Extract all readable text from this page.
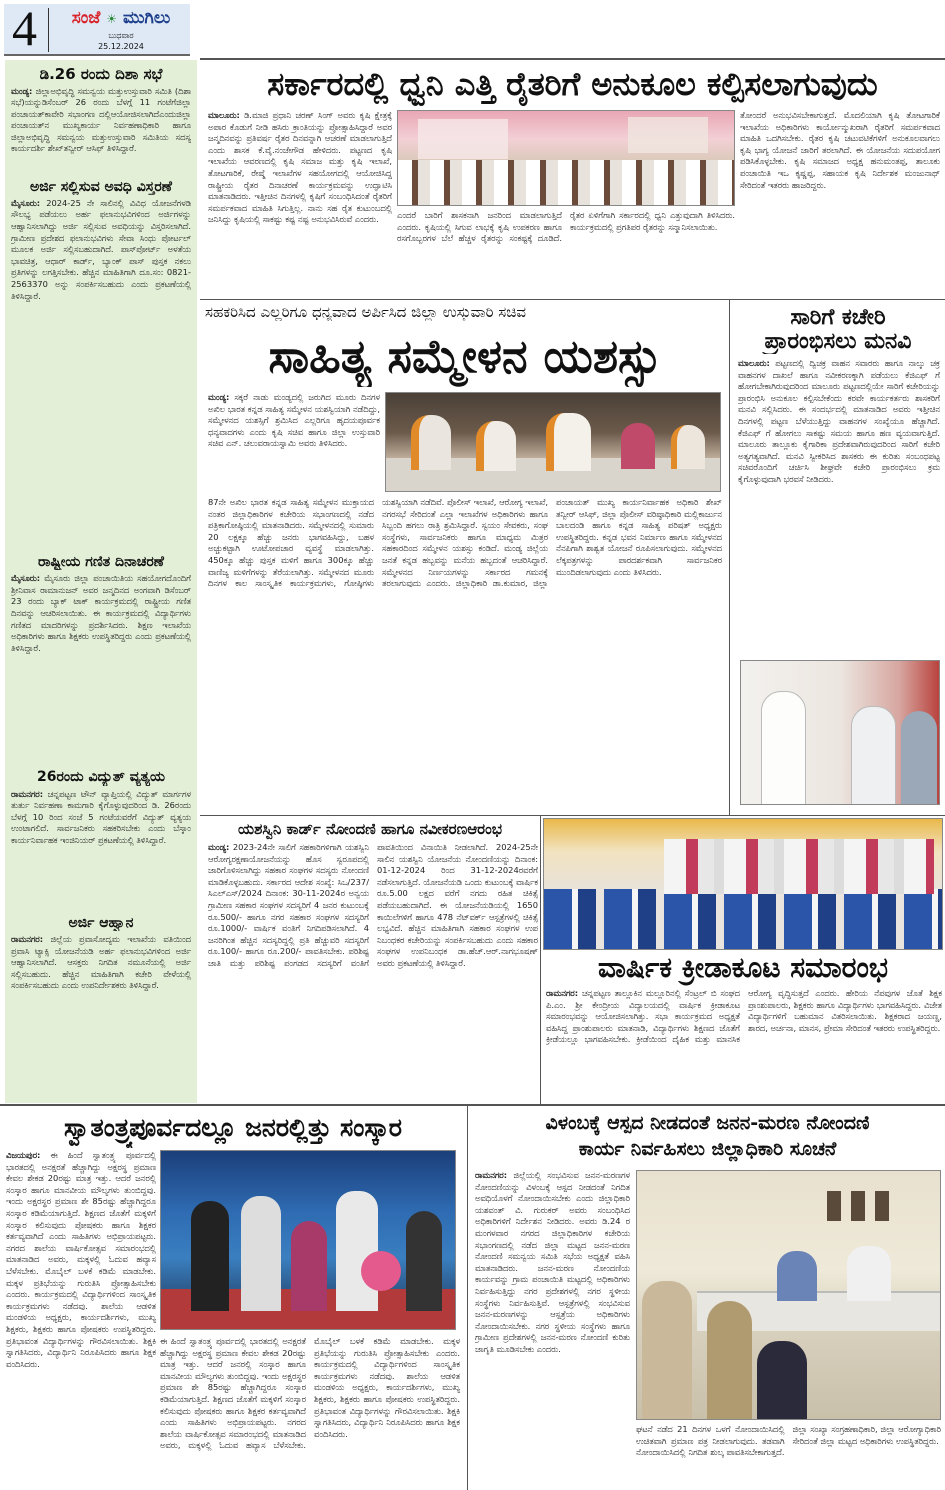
4	ಸಂಜೆ ☀ ಮುಗಿಲು
ಬುಧವಾರ
25.12.2024
ಡಿ.26 ರಂದು ದಿಶಾ ಸಭೆ
ಮಂಡ್ಯ: ಜಿಲ್ಲಾಅಭಿವೃದ್ಧಿ ಸಮನ್ವಯ ಮತ್ತುಉಸ್ತುವಾರಿ ಸಮಿತಿ (ದಿಶಾ ಸಭೆ)ಯನ್ನುಡಿಸೆಂಬರ್ 26 ರಂದು ಬೆಳಗ್ಗೆ 11 ಗಂಟೆಗೆಜಿಲ್ಲಾ ಪಂಚಾಯತ್‌ಕಾವೇರಿ ಸಭಾಂಗಣ ದಲ್ಲಿಆಯೋಜಿಸಲಾಗಿದೆಎಂದುಜಿಲ್ಲಾ ಪಂಚಾಯತ್‌ನ ಮುಖ್ಯಕಾರ್ಯ ನಿರ್ವಹಣಾಧಿಕಾರಿ ಹಾಗೂ ಜಿಲ್ಲಾಅಭಿವೃದ್ಧಿ ಸಮನ್ವಯ ಮತ್ತುಉಸ್ತುವಾರಿ ಸಮಿತಿಯ ಸದಸ್ಯ ಕಾರ್ಯದರ್ಶಿ ಶೇಖ್‌ತನ್ವೀರ್ ಆಸಿಫ್ ತಿಳಿಸಿದ್ದಾರೆ.
ಅರ್ಜಿ ಸಲ್ಲಿಸುವ ಅವಧಿ ವಿಸ್ತರಣೆ
ಮೈಸೂರು: 2024-25 ನೇ ಸಾಲಿನಲ್ಲಿ ವಿವಿಧ ಯೋಜನೆಗಳಡಿ ಸೌಲಭ್ಯ ಪಡೆಯಲು ಅರ್ಹ ಫಲಾನುಭವಿಗಳಿಂದ ಅರ್ಜಿಗಳನ್ನು ಆಹ್ವಾನಿಸಲಾಗಿದ್ದು ಅರ್ಜಿ ಸಲ್ಲಿಸುವ ಅವಧಿಯನ್ನು ವಿಸ್ತರಿಸಲಾಗಿದೆ. ಗ್ರಾಮೀಣ ಪ್ರದೇಶದ ಫಲಾನುಭವಿಗಳು ಸೇವಾ ಸಿಂಧು ಪೋರ್ಟಲ್ ಮೂಲಕ ಅರ್ಜಿ ಸಲ್ಲಿಸಬಹುದಾಗಿದೆ. ಪಾಸ್‌ಪೋರ್ಟ್ ಅಳತೆಯ ಭಾವಚಿತ್ರ, ಆಧಾರ್ ಕಾರ್ಡ್, ಬ್ಯಾಂಕ್ ಪಾಸ್ ಪುಸ್ತಕ ನಕಲು ಪ್ರತಿಗಳನ್ನು ಲಗತ್ತಿಸಬೇಕು. ಹೆಚ್ಚಿನ ಮಾಹಿತಿಗಾಗಿ ದೂ.ಸಂ: 0821-2563370 ಅನ್ನು ಸಂಪರ್ಕಿಸಬಹುದು ಎಂದು ಪ್ರಕಟಣೆಯಲ್ಲಿ ತಿಳಿಸಿದ್ದಾರೆ.
ರಾಷ್ಟ್ರೀಯ ಗಣಿತ ದಿನಾಚರಣೆ
ಮೈಸೂರು: ಮೈಸೂರು ಜಿಲ್ಲಾ ಪಂಚಾಯಿತಿಯ ಸಹಯೋಗದೊಂದಿಗೆ ಶ್ರೀನಿವಾಸ ರಾಮಾನುಜನ್ ಅವರ ಜನ್ಮದಿನದ ಅಂಗವಾಗಿ ಡಿಸೆಂಬರ್ 23 ರಂದು ಬ್ಯಾಕ್ ಟಾಕ್ ಕಾರ್ಯಕ್ರಮದಲ್ಲಿ ರಾಷ್ಟ್ರೀಯ ಗಣಿತ ದಿನವನ್ನು ಆಚರಿಸಲಾಯಿತು. ಈ ಕಾರ್ಯಕ್ರಮದಲ್ಲಿ ವಿದ್ಯಾರ್ಥಿಗಳು ಗಣಿತದ ಮಾದರಿಗಳನ್ನು ಪ್ರದರ್ಶಿಸಿದರು. ಶಿಕ್ಷಣ ಇಲಾಖೆಯ ಅಧಿಕಾರಿಗಳು ಹಾಗೂ ಶಿಕ್ಷಕರು ಉಪಸ್ಥಿತರಿದ್ದರು ಎಂದು ಪ್ರಕಟಣೆಯಲ್ಲಿ ತಿಳಿಸಿದ್ದಾರೆ.
26ರಂದು ವಿದ್ಯುತ್ ವ್ಯತ್ಯಯ
ರಾಮನಗರ: ಚನ್ನಪಟ್ಟಣ ಟೌನ್ ವ್ಯಾಪ್ತಿಯಲ್ಲಿ ವಿದ್ಯುತ್ ಮಾರ್ಗಗಳ ತುರ್ತು ನಿರ್ವಹಣಾ ಕಾಮಗಾರಿ ಕೈಗೊಳ್ಳುವುದರಿಂದ ಡಿ. 26ರಂದು ಬೆಳಗ್ಗೆ 10 ರಿಂದ ಸಂಜೆ 5 ಗಂಟೆಯವರೆಗೆ ವಿದ್ಯುತ್ ವ್ಯತ್ಯಯ ಉಂಟಾಗಲಿದೆ. ಸಾರ್ವಜನಿಕರು ಸಹಕರಿಸಬೇಕು ಎಂದು ಬೆಸ್ಕಾಂ ಕಾರ್ಯನಿರ್ವಾಹಕ ಇಂಜಿನಿಯರ್ ಪ್ರಕಟಣೆಯಲ್ಲಿ ತಿಳಿಸಿದ್ದಾರೆ.
ಅರ್ಜಿ ಆಹ್ವಾನ
ರಾಮನಗರ: ಜಿಲ್ಲೆಯ ಪ್ರವಾಸೋದ್ಯಮ ಇಲಾಖೆಯ ವತಿಯಿಂದ ಪ್ರವಾಸಿ ಟ್ಯಾಕ್ಸಿ ಯೋಜನೆಯಡಿ ಅರ್ಹ ಫಲಾನುಭವಿಗಳಿಂದ ಅರ್ಜಿ ಆಹ್ವಾನಿಸಲಾಗಿದೆ. ಆಸಕ್ತರು ನಿಗದಿತ ನಮೂನೆಯಲ್ಲಿ ಅರ್ಜಿ ಸಲ್ಲಿಸಬಹುದು. ಹೆಚ್ಚಿನ ಮಾಹಿತಿಗಾಗಿ ಕಚೇರಿ ವೇಳೆಯಲ್ಲಿ ಸಂಪರ್ಕಿಸಬಹುದು ಎಂದು ಉಪನಿರ್ದೇಶಕರು ತಿಳಿಸಿದ್ದಾರೆ.
ಸರ್ಕಾರದಲ್ಲಿ ಧ್ವನಿ ಎತ್ತಿ ರೈತರಿಗೆ ಅನುಕೂಲ ಕಲ್ಪಿಸಲಾಗುವುದು
ಮಾಲೂರು: ಡಿ.ಮಾಜಿ ಪ್ರಧಾನಿ ಚರಣ್ ಸಿಂಗ್ ಅವರು ಕೃಷಿ ಕ್ಷೇತ್ರಕ್ಕೆ ಅಪಾರ ಕೊಡುಗೆ ನೀಡಿ ಹಸಿರು ಕ್ರಾಂತಿಯನ್ನು ಪ್ರೋತ್ಸಾಹಿಸಿದ್ದಾರೆ ಅವರ ಜನ್ಮದಿನವನ್ನು ಪ್ರತಿವರ್ಷ ರೈತರ ದಿನವನ್ನಾಗಿ ಆಚರಣೆ ಮಾಡಲಾಗುತ್ತಿದೆ ಎಂದು ಶಾಸಕ ಕೆ.ವೈ.ನಂಜೇಗೌಡ ಹೇಳಿದರು. ಪಟ್ಟಣದ ಕೃಷಿ ಇಲಾಖೆಯ ಆವರಣದಲ್ಲಿ ಕೃಷಿ ಸಮಾಜ ಮತ್ತು ಕೃಷಿ ಇಲಾಖೆ, ತೋಟಗಾರಿಕೆ, ರೇಷ್ಮೆ ಇಲಾಖೆಗಳ ಸಹಯೋಗದಲ್ಲಿ ಆಯೋಜಿಸಿದ್ದ ರಾಷ್ಟ್ರೀಯ ರೈತರ ದಿನಾಚರಣೆ ಕಾರ್ಯಕ್ರಮವನ್ನು ಉದ್ಘಾಟಿಸಿ ಮಾತನಾಡಿದರು. ಇತ್ತೀಚಿನ ದಿನಗಳಲ್ಲಿ ಕೃಷಿಗೆ ಸಂಬಂಧಿಸಿದಂತೆ ರೈತರಿಗೆ ಸಮರ್ಪಕವಾದ ಮಾಹಿತಿ ಸಿಗುತ್ತಿಲ್ಲ. ನಾನು ಸಹ ರೈತ ಕುಟುಂಬದಲ್ಲಿ ಜನಿಸಿದ್ದು ಕೃಷಿಯಲ್ಲಿ ಸಾಕಷ್ಟು ಕಷ್ಟ ನಷ್ಟ ಅನುಭವಿಸಿರುವೆ ಎಂದರು.	ಎಂದರೆ ಬಾರಿಗೆ ಶಾಸಕನಾಗಿ ಜನರಿಂದ ಮಾಡಲಾಗುತ್ತಿದೆ ಎಂದರು. ಕೃಷಿಯಲ್ಲಿ ಸಿಗುವ ಲಾಭಕ್ಕೆ ಕೃಷಿ ಉಪಕರಣ ಹಾಗೂ ರಸಗೊಬ್ಬರಗಳ ಬೆಲೆ ಹೆಚ್ಚಳ ರೈತರನ್ನು ಸಂಕಷ್ಟಕ್ಕೆ ದೂಡಿದೆ. ರೈತರ ಏಳಿಗೆಗಾಗಿ ಸರ್ಕಾರದಲ್ಲಿ ಧ್ವನಿ ಎತ್ತುವುದಾಗಿ ತಿಳಿಸಿದರು. ಕಾರ್ಯಕ್ರಮದಲ್ಲಿ ಪ್ರಗತಿಪರ ರೈತರನ್ನು ಸನ್ಮಾನಿಸಲಾಯಿತು.
ತೋಂದರೆ ಅನುಭವಿಸಬೇಕಾಗುತ್ತದೆ. ಮೊದಲಿಯಾಗಿ ಕೃಷಿ ತೋಟಗಾರಿಕೆ ಇಲಾಖೆಯ ಅಧಿಕಾರಿಗಳು ಕಾರ್ಯೋನ್ಮುಖರಾಗಿ ರೈತರಿಗೆ ಸಮರ್ಪಕವಾದ ಮಾಹಿತಿ ಒದಗಿಸಬೇಕು. ರೈತರ ಕೃಷಿ ಚಟುವಟಿಕೆಗಳಿಗೆ ಅನುಕೂಲವಾಗಲು ಕೃಷಿ ಭಾಗ್ಯ ಯೋಜನೆ ಜಾರಿಗೆ ತರಲಾಗಿದೆ. ಈ ಯೋಜನೆಯ ಸದುಪಯೋಗ ಪಡಿಸಿಕೊಳ್ಳಬೇಕು. ಕೃಷಿ ಸಮಾಜದ ಅಧ್ಯಕ್ಷ ಹನುಮಂತಪ್ಪ, ತಾಲೂಕು ಪಂಚಾಯಿತಿ ಇಒ ಕೃಷ್ಣಪ್ಪ, ಸಹಾಯಕ ಕೃಷಿ ನಿರ್ದೇಶಕ ಮಂಜುನಾಥ್ ಸೇರಿದಂತೆ ಇತರರು ಹಾಜರಿದ್ದರು.
ಸಹಕರಿಸಿದ ಎಲ್ಲರಿಗೂ ಧನ್ಯವಾದ ಅರ್ಪಿಸಿದ ಜಿಲ್ಲಾ ಉಸ್ತುವಾರಿ ಸಚಿವ
ಸಾಹಿತ್ಯ ಸಮ್ಮೇಳನ ಯಶಸ್ಸು
ಮಂಡ್ಯ: ಸಕ್ಕರೆ ನಾಡು ಮಂಡ್ಯದಲ್ಲಿ ಜರುಗಿದ ಮೂರು ದಿನಗಳ ಅಖಿಲ ಭಾರತ ಕನ್ನಡ ಸಾಹಿತ್ಯ ಸಮ್ಮೇಳನ ಯಶಸ್ವಿಯಾಗಿ ನಡೆದಿದ್ದು, ಸಮ್ಮೇಳನದ ಯಶಸ್ಸಿಗೆ ಶ್ರಮಿಸಿದ ಎಲ್ಲರಿಗೂ ಹೃದಯಪೂರ್ವಕ ಧನ್ಯವಾದಗಳು ಎಂದು ಕೃಷಿ ಸಚಿವ ಹಾಗೂ ಜಿಲ್ಲಾ ಉಸ್ತುವಾರಿ ಸಚಿವ ಎನ್. ಚಲುವರಾಯಸ್ವಾಮಿ ಅವರು ತಿಳಿಸಿದರು.
87ನೇ ಅಖಿಲ ಭಾರತ ಕನ್ನಡ ಸಾಹಿತ್ಯ ಸಮ್ಮೇಳನ ಮುಕ್ತಾಯದ ನಂತರ ಜಿಲ್ಲಾಧಿಕಾರಿಗಳ ಕಚೇರಿಯ ಸಭಾಂಗಣದಲ್ಲಿ ನಡೆದ ಪತ್ರಿಕಾಗೋಷ್ಠಿಯಲ್ಲಿ ಮಾತನಾಡಿದರು. ಸಮ್ಮೇಳನದಲ್ಲಿ ಸುಮಾರು 20 ಲಕ್ಷಕ್ಕೂ ಹೆಚ್ಚು ಜನರು ಭಾಗವಹಿಸಿದ್ದು, ಬಹಳ ಅಚ್ಚುಕಟ್ಟಾಗಿ ಊಟೋಪಚಾರ ವ್ಯವಸ್ಥೆ ಮಾಡಲಾಗಿತ್ತು. 450ಕ್ಕೂ ಹೆಚ್ಚು ಪುಸ್ತಕ ಮಳಿಗೆ ಹಾಗೂ 300ಕ್ಕೂ ಹೆಚ್ಚು ವಾಣಿಜ್ಯ ಮಳಿಗೆಗಳನ್ನು ತೆರೆಯಲಾಗಿತ್ತು. ಸಮ್ಮೇಳನದ ಮೂರು ದಿನಗಳ ಕಾಲ ಸಾಂಸ್ಕೃತಿಕ ಕಾರ್ಯಕ್ರಮಗಳು, ಗೋಷ್ಠಿಗಳು ಯಶಸ್ವಿಯಾಗಿ ನಡೆದಿವೆ. ಪೊಲೀಸ್ ಇಲಾಖೆ, ಆರೋಗ್ಯ ಇಲಾಖೆ, ನಗರಸಭೆ ಸೇರಿದಂತೆ ಎಲ್ಲಾ ಇಲಾಖೆಗಳ ಅಧಿಕಾರಿಗಳು ಹಾಗೂ ಸಿಬ್ಬಂದಿ ಹಗಲು ರಾತ್ರಿ ಶ್ರಮಿಸಿದ್ದಾರೆ. ಸ್ವಯಂ ಸೇವಕರು, ಸಂಘ ಸಂಸ್ಥೆಗಳು, ಸಾರ್ವಜನಿಕರು ಹಾಗೂ ಮಾಧ್ಯಮ ಮಿತ್ರರ ಸಹಕಾರದಿಂದ ಸಮ್ಮೇಳನ ಯಶಸ್ಸು ಕಂಡಿದೆ. ಮಂಡ್ಯ ಜಿಲ್ಲೆಯ ಜನತೆ ಕನ್ನಡ ಹಬ್ಬವನ್ನು ಮನೆಯ ಹಬ್ಬದಂತೆ ಆಚರಿಸಿದ್ದಾರೆ. ಸಮ್ಮೇಳನದ ನಿರ್ಣಯಗಳನ್ನು ಸರ್ಕಾರದ ಗಮನಕ್ಕೆ ತರಲಾಗುವುದು ಎಂದರು. ಜಿಲ್ಲಾಧಿಕಾರಿ ಡಾ.ಕುಮಾರ, ಜಿಲ್ಲಾ ಪಂಚಾಯತ್ ಮುಖ್ಯ ಕಾರ್ಯನಿರ್ವಾಹಕ ಅಧಿಕಾರಿ ಶೇಖ್ ತನ್ವೀರ್ ಆಸಿಫ್, ಜಿಲ್ಲಾ ಪೊಲೀಸ್ ವರಿಷ್ಠಾಧಿಕಾರಿ ಮಲ್ಲಿಕಾರ್ಜುನ ಬಾಲದಂಡಿ ಹಾಗೂ ಕನ್ನಡ ಸಾಹಿತ್ಯ ಪರಿಷತ್ ಅಧ್ಯಕ್ಷರು ಉಪಸ್ಥಿತರಿದ್ದರು. ಕನ್ನಡ ಭವನ ನಿರ್ಮಾಣ ಹಾಗೂ ಸಮ್ಮೇಳನದ ನೆನಪಿಗಾಗಿ ಶಾಶ್ವತ ಯೋಜನೆ ರೂಪಿಸಲಾಗುವುದು. ಸಮ್ಮೇಳನದ ಲೆಕ್ಕಪತ್ರಗಳನ್ನು ಪಾರದರ್ಶಕವಾಗಿ ಸಾರ್ವಜನಿಕರ ಮುಂದಿಡಲಾಗುವುದು ಎಂದು ತಿಳಿಸಿದರು.
ಸಾರಿಗೆ ಕಚೇರಿ
ಪ್ರಾರಂಭಿಸಲು ಮನವಿ
ಮಾಲೂರು: ಪಟ್ಟಣದಲ್ಲಿ ದ್ವಿಚಕ್ರ ವಾಹನ ಸವಾರರು ಹಾಗೂ ನಾಲ್ಕು ಚಕ್ರ ವಾಹನಗಳ ದಾಖಲೆ ಹಾಗೂ ನವೀಕರಣಕ್ಕಾಗಿ ಪಡೆಯಲು ಕೆಜಿಎಫ್ ಗೆ ಹೋಗಬೇಕಾಗಿರುವುದರಿಂದ ಮಾಲೂರು ಪಟ್ಟಣದಲ್ಲಿಯೇ ಸಾರಿಗೆ ಕಚೇರಿಯನ್ನು ಪ್ರಾರಂಭಿಸಿ ಅನುಕೂಲ ಕಲ್ಪಿಸಬೇಕೆಂದು ಕರವೇ ಕಾರ್ಯಕರ್ತರು ಶಾಸಕರಿಗೆ ಮನವಿ ಸಲ್ಲಿಸಿದರು. ಈ ಸಂದರ್ಭದಲ್ಲಿ ಮಾತನಾಡಿದ ಅವರು ಇತ್ತೀಚಿನ ದಿನಗಳಲ್ಲಿ ಪಟ್ಟಣ ಬೆಳೆಯುತ್ತಿದ್ದು ವಾಹನಗಳ ಸಂಖ್ಯೆಯೂ ಹೆಚ್ಚಾಗಿದೆ. ಕೆಜಿಎಫ್ ಗೆ ಹೋಗಲು ಸಾಕಷ್ಟು ಸಮಯ ಹಾಗೂ ಹಣ ವ್ಯಯವಾಗುತ್ತಿದೆ. ಮಾಲೂರು ತಾಲ್ಲೂಕು ಕೈಗಾರಿಕಾ ಪ್ರದೇಶವಾಗಿರುವುದರಿಂದ ಸಾರಿಗೆ ಕಚೇರಿ ಅತ್ಯಗತ್ಯವಾಗಿದೆ. ಮನವಿ ಸ್ವೀಕರಿಸಿದ ಶಾಸಕರು ಈ ಕುರಿತು ಸಂಬಂಧಪಟ್ಟ ಸಚಿವರೊಂದಿಗೆ ಚರ್ಚಿಸಿ ಶೀಘ್ರವೇ ಕಚೇರಿ ಪ್ರಾರಂಭಿಸಲು ಕ್ರಮ ಕೈಗೊಳ್ಳುವುದಾಗಿ ಭರವಸೆ ನೀಡಿದರು.
ಯಶಸ್ವಿನಿ ಕಾರ್ಡ್ ನೋಂದಣಿ ಹಾಗೂ ನವೀಕರಣಆರಂಭ
ಮಂಡ್ಯ: 2023-24ನೇ ಸಾಲಿಗೆ ಸಹಕಾರಿಗಳಿಗಾಗಿ ಯಶಸ್ವಿನಿ ಆರೋಗ್ಯರಕ್ಷಣಾಯೋಜನೆಯನ್ನು ಹೊಸ ಸ್ವರೂಪದಲ್ಲಿ ಜಾರಿಗೊಳಿಸಲಾಗಿದ್ದು ಸಹಕಾರ ಸಂಘಗಳ ಸದಸ್ಯರು ನೋಂದಣಿ ಮಾಡಿಕೊಳ್ಳಬಹುದು. ಸರ್ಕಾರದ ಆದೇಶ ಸಂಖ್ಯೆ: ಸಿಒ/237/ಸಿಎಲ್ಎಸ್/2024 ದಿನಾಂಕ: 30-11-2024ರ ಅನ್ವಯ ಗ್ರಾಮೀಣ ಸಹಕಾರ ಸಂಘಗಳ ಸದಸ್ಯರಿಗೆ 4 ಜನರ ಕುಟುಂಬಕ್ಕೆ ರೂ.500/- ಹಾಗೂ ನಗರ ಸಹಕಾರ ಸಂಘಗಳ ಸದಸ್ಯರಿಗೆ ರೂ.1000/- ವಾರ್ಷಿಕ ವಂತಿಗೆ ನಿಗದಿಪಡಿಸಲಾಗಿದೆ. 4 ಜನರಿಗಿಂತ ಹೆಚ್ಚಿನ ಸದಸ್ಯರಿದ್ದಲ್ಲಿ ಪ್ರತಿ ಹೆಚ್ಚುವರಿ ಸದಸ್ಯರಿಗೆ ರೂ.100/- ಹಾಗೂ ರೂ.200/- ಪಾವತಿಸಬೇಕು. ಪರಿಶಿಷ್ಟ ಜಾತಿ ಮತ್ತು ಪರಿಶಿಷ್ಟ ಪಂಗಡದ ಸದಸ್ಯರಿಗೆ ವಂತಿಗೆ ಪಾವತಿಯಿಂದ ವಿನಾಯಿತಿ ನೀಡಲಾಗಿದೆ. 2024-25ನೇ ಸಾಲಿನ ಯಶಸ್ವಿನಿ ಯೋಜನೆಯ ನೋಂದಣಿಯನ್ನು ದಿನಾಂಕ: 01-12-2024 ರಿಂದ 31-12-2024ರವರೆಗೆ ನಡೆಸಲಾಗುತ್ತಿದೆ. ಯೋಜನೆಯಡಿ ಒಂದು ಕುಟುಂಬಕ್ಕೆ ವಾರ್ಷಿಕ ರೂ.5.00 ಲಕ್ಷದ ವರೆಗೆ ನಗದು ರಹಿತ ಚಿಕಿತ್ಸೆ ಪಡೆಯಬಹುದಾಗಿದೆ. ಈ ಯೋಜನೆಯಡಿಯಲ್ಲಿ 1650 ಕಾಯಿಲೆಗಳಿಗೆ ಹಾಗೂ 478 ನೆಟ್‌ವರ್ಕ್ ಆಸ್ಪತ್ರೆಗಳಲ್ಲಿ ಚಿಕಿತ್ಸೆ ಲಭ್ಯವಿದೆ. ಹೆಚ್ಚಿನ ಮಾಹಿತಿಗಾಗಿ ಸಹಕಾರ ಸಂಘಗಳ ಉಪ ನಿಬಂಧಕರ ಕಚೇರಿಯನ್ನು ಸಂಪರ್ಕಿಸಬಹುದು ಎಂದು ಸಹಕಾರ ಸಂಘಗಳ ಉಪನಿಬಂಧಕ ಡಾ.ಹೆಚ್.ಆರ್.ನಾಗಭೂಷಣ್ ಅವರು ಪ್ರಕಟಣೆಯಲ್ಲಿ ತಿಳಿಸಿದ್ದಾರೆ.	ವಾರ್ಷಿಕ ಕ್ರೀಡಾಕೂಟ ಸಮಾರಂಭ
ರಾಮನಗರ: ಚನ್ನಪಟ್ಟಣ ತಾಲ್ಲೂಕಿನ ಮಲ್ಲೂರಿನಲ್ಲಿ ಸೆಂಟ್ರಲ್ ಬಿ ಸಂಘದ ಪಿ.ಎಂ. ಶ್ರೀ ಕೇಂದ್ರೀಯ ವಿದ್ಯಾಲಯದಲ್ಲಿ ವಾರ್ಷಿಕ ಕ್ರೀಡಾಕೂಟ ಸಮಾರಂಭವನ್ನು ಆಯೋಜಿಸಲಾಗಿತ್ತು. ಸಭಾ ಕಾರ್ಯಕ್ರಮದ ಅಧ್ಯಕ್ಷತೆ ವಹಿಸಿದ್ದ ಪ್ರಾಂಶುಪಾಲರು ಮಾತನಾಡಿ, ವಿದ್ಯಾರ್ಥಿಗಳು ಶಿಕ್ಷಣದ ಜೊತೆಗೆ ಕ್ರೀಡೆಯಲ್ಲೂ ಭಾಗವಹಿಸಬೇಕು. ಕ್ರೀಡೆಯಿಂದ ದೈಹಿಕ ಮತ್ತು ಮಾನಸಿಕ ಆರೋಗ್ಯ ವೃದ್ಧಿಸುತ್ತದೆ ಎಂದರು. ಹೇರಿಯ ನೆಪವುಗಳ ಜೊತೆ ಶಿಕ್ಷಕ ಪ್ರಾಂಶುಪಾಲರು, ಶಿಕ್ಷಕರು ಹಾಗೂ ವಿದ್ಯಾರ್ಥಿಗಳು ಭಾಗವಹಿಸಿದ್ದರು. ವಿಜೇತ ವಿದ್ಯಾರ್ಥಿಗಳಿಗೆ ಬಹುಮಾನ ವಿತರಿಸಲಾಯಿತು. ಶಿಕ್ಷಕರಾದ ಜಯಣ್ಣ, ಶಾರದ, ಅರ್ಚನಾ, ಮಾನಸ, ಪ್ರೇಮಾ ಸೇರಿದಂತೆ ಇತರರು ಉಪಸ್ಥಿತರಿದ್ದರು.
ಸ್ವಾತಂತ್ರ್ಯಪೂರ್ವದಲ್ಲೂ ಜನರಲ್ಲಿತ್ತು ಸಂಸ್ಕಾರ
ವಿಜಯಪುರ: ಈ ಹಿಂದೆ ಸ್ವಾತಂತ್ರ್ಯ ಪೂರ್ವದಲ್ಲಿ ಭಾರತದಲ್ಲಿ ಅನಕ್ಷರತೆ ಹೆಚ್ಚಾಗಿದ್ದು ಅಕ್ಷರಸ್ಥ ಪ್ರಮಾಣ ಕೇವಲ ಶೇಕಡ 20ರಷ್ಟು ಮಾತ್ರ ಇತ್ತು. ಆದರೆ ಜನರಲ್ಲಿ ಸಂಸ್ಕಾರ ಹಾಗೂ ಮಾನವೀಯ ಮೌಲ್ಯಗಳು ತುಂಬಿದ್ದವು. ಇಂದು ಅಕ್ಷರಸ್ಥರ ಪ್ರಮಾಣ ಶೇ 85ರಷ್ಟು ಹೆಚ್ಚಾಗಿದ್ದರೂ ಸಂಸ್ಕಾರ ಕಡಿಮೆಯಾಗುತ್ತಿದೆ. ಶಿಕ್ಷಣದ ಜೊತೆಗೆ ಮಕ್ಕಳಿಗೆ ಸಂಸ್ಕಾರ ಕಲಿಸುವುದು ಪೋಷಕರು ಹಾಗೂ ಶಿಕ್ಷಕರ ಕರ್ತವ್ಯವಾಗಿದೆ ಎಂದು ಸಾಹಿತಿಗಳು ಅಭಿಪ್ರಾಯಪಟ್ಟರು. ನಗರದ ಶಾಲೆಯ ವಾರ್ಷಿಕೋತ್ಸವ ಸಮಾರಂಭದಲ್ಲಿ ಮಾತನಾಡಿದ ಅವರು, ಮಕ್ಕಳಲ್ಲಿ ಓದುವ ಹವ್ಯಾಸ ಬೆಳೆಸಬೇಕು. ಮೊಬೈಲ್ ಬಳಕೆ ಕಡಿಮೆ ಮಾಡಬೇಕು. ಮಕ್ಕಳ ಪ್ರತಿಭೆಯನ್ನು ಗುರುತಿಸಿ ಪ್ರೋತ್ಸಾಹಿಸಬೇಕು ಎಂದರು. ಕಾರ್ಯಕ್ರಮದಲ್ಲಿ ವಿದ್ಯಾರ್ಥಿಗಳಿಂದ ಸಾಂಸ್ಕೃತಿಕ ಕಾರ್ಯಕ್ರಮಗಳು ನಡೆದವು. ಶಾಲೆಯ ಆಡಳಿತ ಮಂಡಳಿಯ ಅಧ್ಯಕ್ಷರು, ಕಾರ್ಯದರ್ಶಿಗಳು, ಮುಖ್ಯ ಶಿಕ್ಷಕರು, ಶಿಕ್ಷಕರು ಹಾಗೂ ಪೋಷಕರು ಉಪಸ್ಥಿತರಿದ್ದರು. ಪ್ರತಿಭಾವಂತ ವಿದ್ಯಾರ್ಥಿಗಳನ್ನು ಗೌರವಿಸಲಾಯಿತು. ಶಿಕ್ಷಕಿ ಸ್ವಾಗತಿಸಿದರು, ವಿದ್ಯಾರ್ಥಿನಿ ನಿರೂಪಿಸಿದರು ಹಾಗೂ ಶಿಕ್ಷಕ ವಂದಿಸಿದರು.
ಈ ಹಿಂದೆ ಸ್ವಾತಂತ್ರ್ಯ ಪೂರ್ವದಲ್ಲಿ ಭಾರತದಲ್ಲಿ ಅನಕ್ಷರತೆ ಹೆಚ್ಚಾಗಿದ್ದು ಅಕ್ಷರಸ್ಥ ಪ್ರಮಾಣ ಕೇವಲ ಶೇಕಡ 20ರಷ್ಟು ಮಾತ್ರ ಇತ್ತು. ಆದರೆ ಜನರಲ್ಲಿ ಸಂಸ್ಕಾರ ಹಾಗೂ ಮಾನವೀಯ ಮೌಲ್ಯಗಳು ತುಂಬಿದ್ದವು. ಇಂದು ಅಕ್ಷರಸ್ಥರ ಪ್ರಮಾಣ ಶೇ 85ರಷ್ಟು ಹೆಚ್ಚಾಗಿದ್ದರೂ ಸಂಸ್ಕಾರ ಕಡಿಮೆಯಾಗುತ್ತಿದೆ. ಶಿಕ್ಷಣದ ಜೊತೆಗೆ ಮಕ್ಕಳಿಗೆ ಸಂಸ್ಕಾರ ಕಲಿಸುವುದು ಪೋಷಕರು ಹಾಗೂ ಶಿಕ್ಷಕರ ಕರ್ತವ್ಯವಾಗಿದೆ ಎಂದು ಸಾಹಿತಿಗಳು ಅಭಿಪ್ರಾಯಪಟ್ಟರು. ನಗರದ ಶಾಲೆಯ ವಾರ್ಷಿಕೋತ್ಸವ ಸಮಾರಂಭದಲ್ಲಿ ಮಾತನಾಡಿದ ಅವರು, ಮಕ್ಕಳಲ್ಲಿ ಓದುವ ಹವ್ಯಾಸ ಬೆಳೆಸಬೇಕು. ಮೊಬೈಲ್ ಬಳಕೆ ಕಡಿಮೆ ಮಾಡಬೇಕು. ಮಕ್ಕಳ ಪ್ರತಿಭೆಯನ್ನು ಗುರುತಿಸಿ ಪ್ರೋತ್ಸಾಹಿಸಬೇಕು ಎಂದರು. ಕಾರ್ಯಕ್ರಮದಲ್ಲಿ ವಿದ್ಯಾರ್ಥಿಗಳಿಂದ ಸಾಂಸ್ಕೃತಿಕ ಕಾರ್ಯಕ್ರಮಗಳು ನಡೆದವು. ಶಾಲೆಯ ಆಡಳಿತ ಮಂಡಳಿಯ ಅಧ್ಯಕ್ಷರು, ಕಾರ್ಯದರ್ಶಿಗಳು, ಮುಖ್ಯ ಶಿಕ್ಷಕರು, ಶಿಕ್ಷಕರು ಹಾಗೂ ಪೋಷಕರು ಉಪಸ್ಥಿತರಿದ್ದರು. ಪ್ರತಿಭಾವಂತ ವಿದ್ಯಾರ್ಥಿಗಳನ್ನು ಗೌರವಿಸಲಾಯಿತು. ಶಿಕ್ಷಕಿ ಸ್ವಾಗತಿಸಿದರು, ವಿದ್ಯಾರ್ಥಿನಿ ನಿರೂಪಿಸಿದರು ಹಾಗೂ ಶಿಕ್ಷಕ ವಂದಿಸಿದರು.
ವಿಳಂಬಕ್ಕೆ ಆಸ್ಪದ ನೀಡದಂತೆ ಜನನ-ಮರಣ ನೋಂದಣಿ
ಕಾರ್ಯ ನಿರ್ವಹಿಸಲು ಜಿಲ್ಲಾಧಿಕಾರಿ ಸೂಚನೆ
ರಾಮನಗರ: ಜಿಲ್ಲೆಯಲ್ಲಿ ಸಂಭವಿಸುವ ಜನನ-ಮರಣಗಳ ನೋಂದಣಿಯನ್ನು ವಿಳಂಬಕ್ಕೆ ಆಸ್ಪದ ನೀಡದಂತೆ ನಿಗದಿತ ಅವಧಿಯೊಳಗೆ ನೋಂದಾಯಿಸಬೇಕು ಎಂದು ಜಿಲ್ಲಾಧಿಕಾರಿ ಯಶವಂತ್ ವಿ. ಗುರುಕರ್ ಅವರು ಸಂಬಂಧಿಸಿದ ಅಧಿಕಾರಿಗಳಿಗೆ ನಿರ್ದೇಶನ ನೀಡಿದರು. ಅವರು ಡಿ.24 ರ ಮಂಗಳವಾರ ನಗರದ ಜಿಲ್ಲಾಧಿಕಾರಿಗಳ ಕಚೇರಿಯ ಸಭಾಂಗಣದಲ್ಲಿ ನಡೆದ ಜಿಲ್ಲಾ ಮಟ್ಟದ ಜನನ-ಮರಣ ನೋಂದಣಿ ಸಮನ್ವಯ ಸಮಿತಿ ಸಭೆಯ ಅಧ್ಯಕ್ಷತೆ ವಹಿಸಿ ಮಾತನಾಡಿದರು. ಜನನ-ಮರಣ ನೋಂದಣಿಯ ಕಾರ್ಯವನ್ನು ಗ್ರಾಮ ಪಂಚಾಯಿತಿ ಮಟ್ಟದಲ್ಲಿ ಅಧಿಕಾರಿಗಳು ನಿರ್ವಹಿಸುತ್ತಿದ್ದು ನಗರ ಪ್ರದೇಶಗಳಲ್ಲಿ ನಗರ ಸ್ಥಳೀಯ ಸಂಸ್ಥೆಗಳು ನಿರ್ವಹಿಸುತ್ತಿವೆ. ಆಸ್ಪತ್ರೆಗಳಲ್ಲಿ ಸಂಭವಿಸುವ ಜನನ-ಮರಣಗಳನ್ನು ಆಸ್ಪತ್ರೆಯ ಅಧಿಕಾರಿಗಳು ನೋಂದಾಯಿಸಬೇಕು. ನಗರ ಸ್ಥಳೀಯ ಸಂಸ್ಥೆಗಳು ಹಾಗೂ ಗ್ರಾಮೀಣ ಪ್ರದೇಶಗಳಲ್ಲಿ ಜನನ-ಮರಣ ನೋಂದಣಿ ಕುರಿತು ಜಾಗೃತಿ ಮೂಡಿಸಬೇಕು ಎಂದರು.
ಘಟನೆ ನಡೆದ 21 ದಿನಗಳ ಒಳಗೆ ನೋಂದಾಯಿಸಿದಲ್ಲಿ ಉಚಿತವಾಗಿ ಪ್ರಮಾಣ ಪತ್ರ ನೀಡಲಾಗುವುದು. ತಡವಾಗಿ ನೋಂದಾಯಿಸಿದಲ್ಲಿ ನಿಗದಿತ ಶುಲ್ಕ ಪಾವತಿಸಬೇಕಾಗುತ್ತದೆ. ಜಿಲ್ಲಾ ಸಂಖ್ಯಾ ಸಂಗ್ರಹಣಾಧಿಕಾರಿ, ಜಿಲ್ಲಾ ಆರೋಗ್ಯಾಧಿಕಾರಿ ಸೇರಿದಂತೆ ಜಿಲ್ಲಾ ಮಟ್ಟದ ಅಧಿಕಾರಿಗಳು ಉಪಸ್ಥಿತರಿದ್ದರು.
